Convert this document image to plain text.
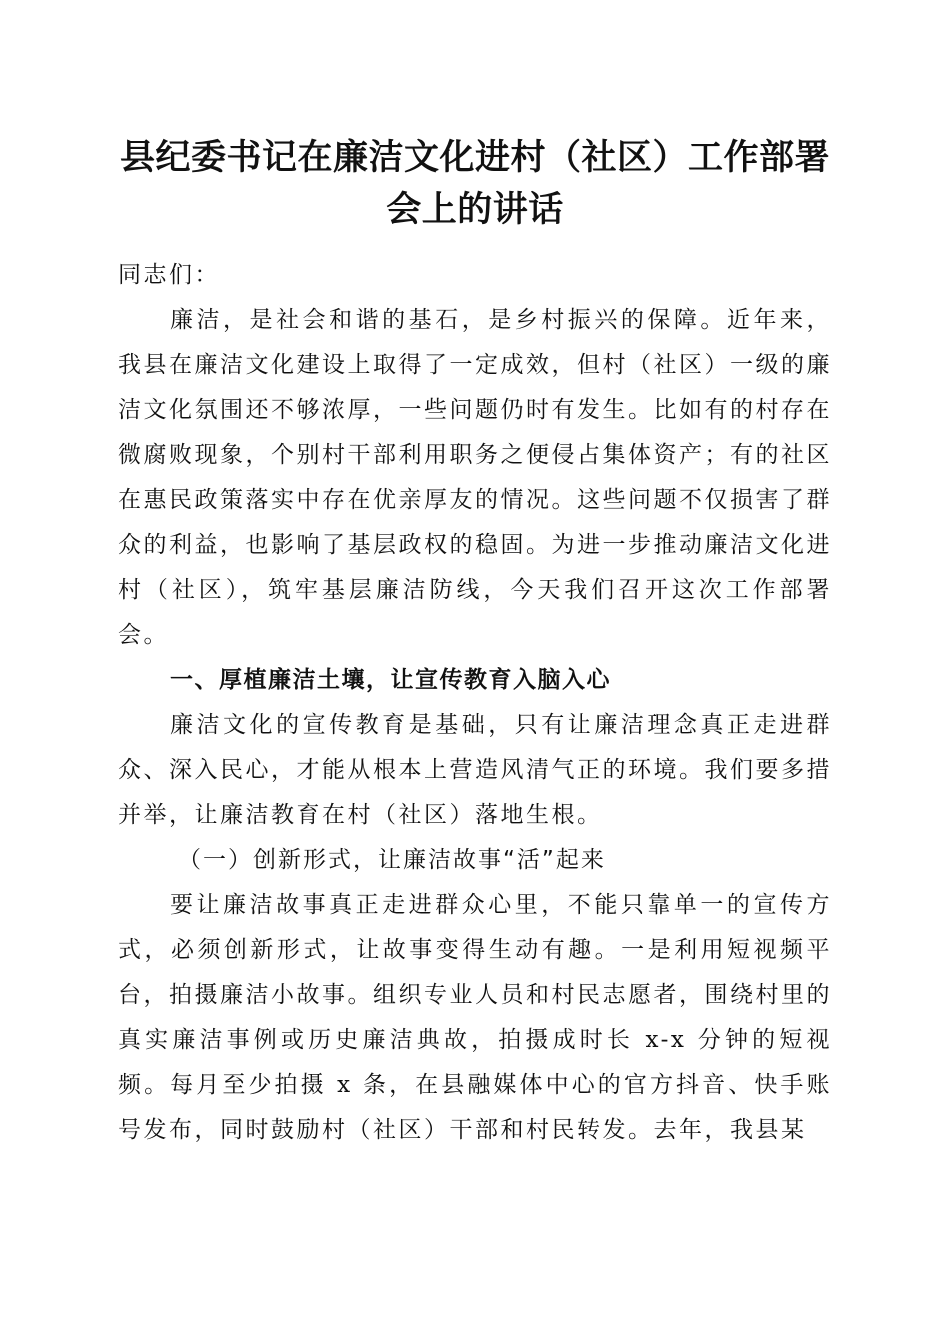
县纪委书记在廉洁文化进村（社区）工作部署
会上的讲话

同志们：

廉洁，是社会和谐的基石，是乡村振兴的保障。近年来，我县在廉洁文化建设上取得了一定成效，但村（社区）一级的廉洁文化氛围还不够浓厚，一些问题仍时有发生。比如有的村存在微腐败现象，个别村干部利用职务之便侵占集体资产；有的社区在惠民政策落实中存在优亲厚友的情况。这些问题不仅损害了群众的利益，也影响了基层政权的稳固。为进一步推动廉洁文化进村（社区），筑牢基层廉洁防线，今天我们召开这次工作部署会。

一、厚植廉洁土壤，让宣传教育入脑入心

廉洁文化的宣传教育是基础，只有让廉洁理念真正走进群众、深入民心，才能从根本上营造风清气正的环境。我们要多措并举，让廉洁教育在村（社区）落地生根。

（一）创新形式，让廉洁故事“活”起来

要让廉洁故事真正走进群众心里，不能只靠单一的宣传方式，必须创新形式，让故事变得生动有趣。一是利用短视频平台，拍摄廉洁小故事。组织专业人员和村民志愿者，围绕村里的真实廉洁事例或历史廉洁典故，拍摄成时长 x-x 分钟的短视频。每月至少拍摄 x 条，在县融媒体中心的官方抖音、快手账号发布，同时鼓励村（社区）干部和村民转发。去年，我县某
